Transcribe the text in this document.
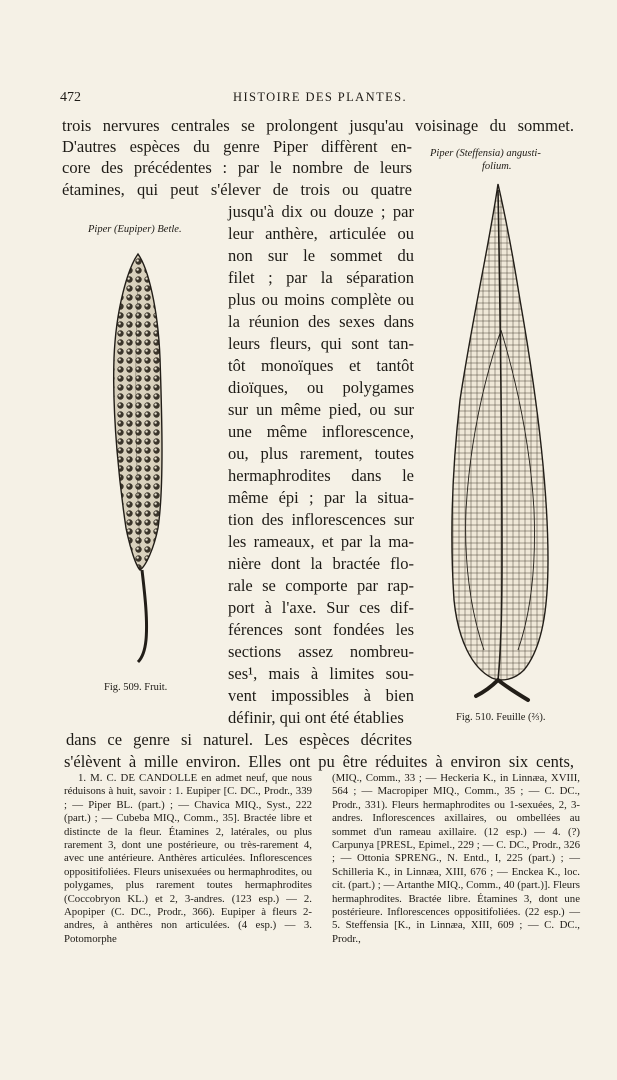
472	HISTOIRE DES PLANTES.
trois nervures centrales se prolongent jusqu'au voisinage du sommet.
D'autres espèces du genre Piper diffèrent en-
core des précédentes : par le nombre de leurs
étamines, qui peut s'élever de trois ou quatre
jusqu'à dix ou douze ; par
leur anthère, articulée ou
non sur le sommet du
filet ; par la séparation
plus ou moins complète ou
la réunion des sexes dans
leurs fleurs, qui sont tan-
tôt monoïques et tantôt
dioïques, ou polygames
sur un même pied, ou sur
une même inflorescence,
ou, plus rarement, toutes
hermaphrodites dans le
même épi ; par la situa-
tion des inflorescences sur
les rameaux, et par la ma-
nière dont la bractée flo-
rale se comporte par rap-
port à l'axe. Sur ces dif-
férences sont fondées les
sections assez nombreu-
ses¹, mais à limites sou-
vent impossibles à bien
définir, qui ont été établies
dans ce genre si naturel. Les espèces décrites
s'élèvent à mille environ. Elles ont pu être réduites à environ six cents,
Piper (Eupiper) Betle.
Piper (Steffensia) angusti-
folium.
Fig. 509. Fruit.
Fig. 510. Feuille (⅔).

1. M. C. DE CANDOLLE en admet neuf, que nous réduisons à huit, savoir : 1. Eupiper [C. DC., Prodr., 339 ; — Piper BL. (part.) ; — Chavica MIQ., Syst., 222 (part.) ; — Cubeba MIQ., Comm., 35]. Bractée libre et distincte de la fleur. Étamines 2, latérales, ou plus rarement 3, dont une postérieure, ou très-rarement 4, avec une antérieure. Anthères articulées. Inflorescences oppositifoliées. Fleurs unisexuées ou hermaphrodites, ou polygames, plus rarement toutes hermaphrodites (Coccobryon KL.) et 2, 3-andres. (123 esp.) — 2. Apopiper (C. DC., Prodr., 366). Eupiper à fleurs 2-andres, à anthères non articulées. (4 esp.) — 3. Potomorphe

(MIQ., Comm., 33 ; — Heckeria K., in Linnæa, XVIII, 564 ; — Macropiper MIQ., Comm., 35 ; — C. DC., Prodr., 331). Fleurs hermaphrodites ou 1-sexuées, 2, 3-andres. Inflorescences axillaires, ou ombellées au sommet d'un rameau axillaire. (12 esp.) — 4. (?) Carpunya [PRESL, Epimel., 229 ; — C. DC., Prodr., 326 ; — Ottonia SPRENG., N. Entd., I, 225 (part.) ; — Schilleria K., in Linnæa, XIII, 676 ; — Enckea K., loc. cit. (part.) ; — Artanthe MIQ., Comm., 40 (part.)]. Fleurs hermaphrodites. Bractée libre. Étamines 3, dont une postérieure. Inflorescences oppositifoliées. (22 esp.) — 5. Steffensia [K., in Linnæa, XIII, 609 ; — C. DC., Prodr.,
